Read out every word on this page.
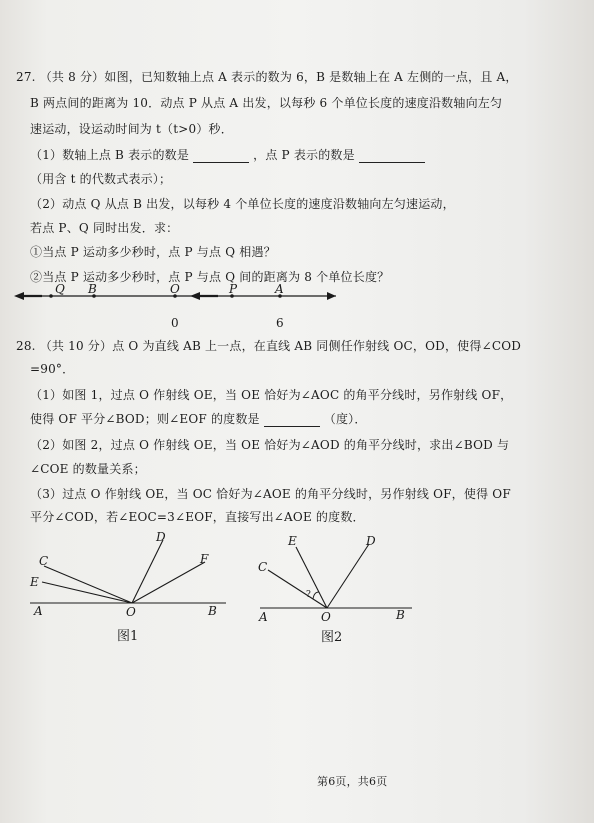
27. （共 8 分）如图，已知数轴上点 A 表示的数为 6，B 是数轴上在 A 左侧的一点，且 A，
B 两点间的距离为 10．动点 P 从点 A 出发，以每秒 6 个单位长度的速度沿数轴向左匀
速运动，设运动时间为 t（t>0）秒．
（1）数轴上点 B 表示的数是	，点 P 表示的数是
（用含 t 的代数式表示）；
（2）动点 Q 从点 B 出发，以每秒 4 个单位长度的速度沿数轴向左匀速运动，
若点 P、Q 同时出发．求：
①当点 P 运动多少秒时，点 P 与点 Q 相遇？
②当点 P 运动多少秒时，点 P 与点 Q 间的距离为 8 个单位长度？
Q B	O	P	A
0	6
28. （共 10 分）点 O 为直线 AB 上一点，在直线 AB 同侧任作射线 OC，OD，使得∠COD
=90°．
（1）如图 1，过点 O 作射线 OE，当 OE 恰好为∠AOC 的角平分线时，另作射线 OF，
使得 OF 平分∠BOD；则∠EOF 的度数是	（度）．
（2）如图 2，过点 O 作射线 OE，当 OE 恰好为∠AOD 的角平分线时，求出∠BOD 与
∠COE 的数量关系；
（3）过点 O 作射线 OE，当 OC 恰好为∠AOE 的角平分线时，另作射线 OF，使得 OF
平分∠COD，若∠EOC=3∠EOF，直接写出∠AOE 的度数．
C
D
F
E
A	O	B
图1
E	D
C
?
A	O	B
图2
第6页，共6页
